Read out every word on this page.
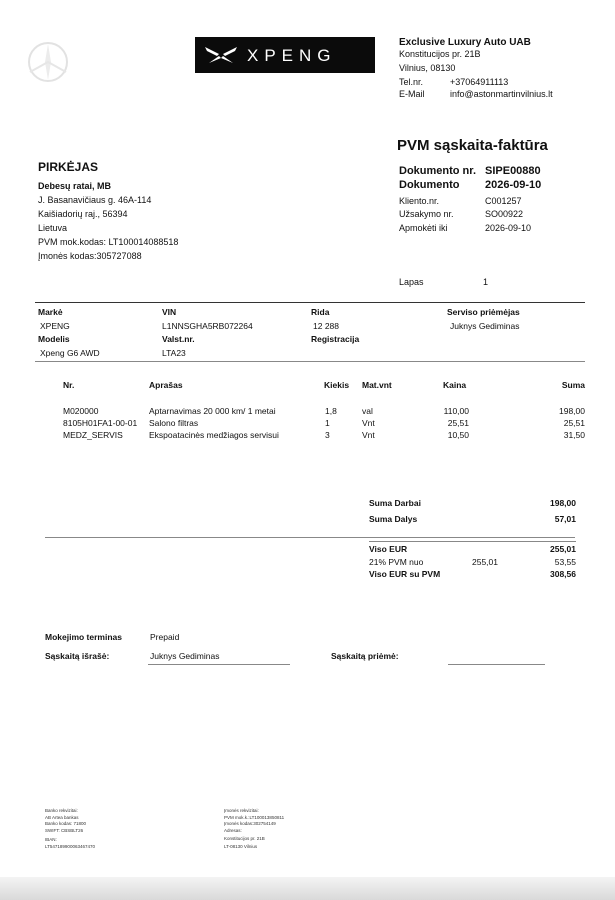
XPENG
Exclusive Luxury Auto UAB
Konstitucijos pr. 21B
Vilnius, 08130
Tel.nr.	+37064911113
E-Mail	info@astonmartinvilnius.lt
PVM sąskaita-faktūra
PIRKĖJAS
Debesų ratai, MB
J. Basanavičiaus g. 46A-114
Kaišiadorių raj., 56394
Lietuva
PVM mok.kodas: LT100014088518
Įmonės kodas:305727088
Dokumento nr. SIPE00880
Dokumento 2026-09-10
Kliento.nr.	C001257
Užsakymo nr.	SO00922
Apmokėti iki	2026-09-10
Lapas	1
Markė	VIN	Rida	Serviso priėmėjas
XPENG	L1NNSGHA5RB072264	12 288	Juknys Gediminas
Modelis	Valst.nr.	Registracija
Xpeng G6 AWD	LTA23
Nr.	Aprašas	Kiekis Mat.vnt	Kaina	Suma
M020000	Aptarnavimas 20 000 km/ 1 metai	1,8	val	110,00	198,00
8105H01FA1-00-01 Salono filtras	1	Vnt	25,51	25,51
MEDZ_SERVIS	Ekspoatacinės medžiagos servisui	3	Vnt	10,50	31,50
Suma Darbai	198,00
Suma Dalys	57,01
Viso EUR	255,01
21% PVM nuo	255,01	53,55
Viso EUR su PVM	308,56
Mokejimo terminas	Prepaid
Sąskaitą išrašė:	Juknys Gediminas	Sąskaitą priėmė:
Banko rekvizitai:
AB Artea bankas
Banko kodas: 71800
SWIFT: CBSBLT26
IBAN:
LT547189900063467470
Įmonės rekvizitai:
PVM mok.k.:LT100013850811
Įmonės kodas:302754149
Adresas:
Konstitucijos pr. 21B
LT-08130 Vilnius
